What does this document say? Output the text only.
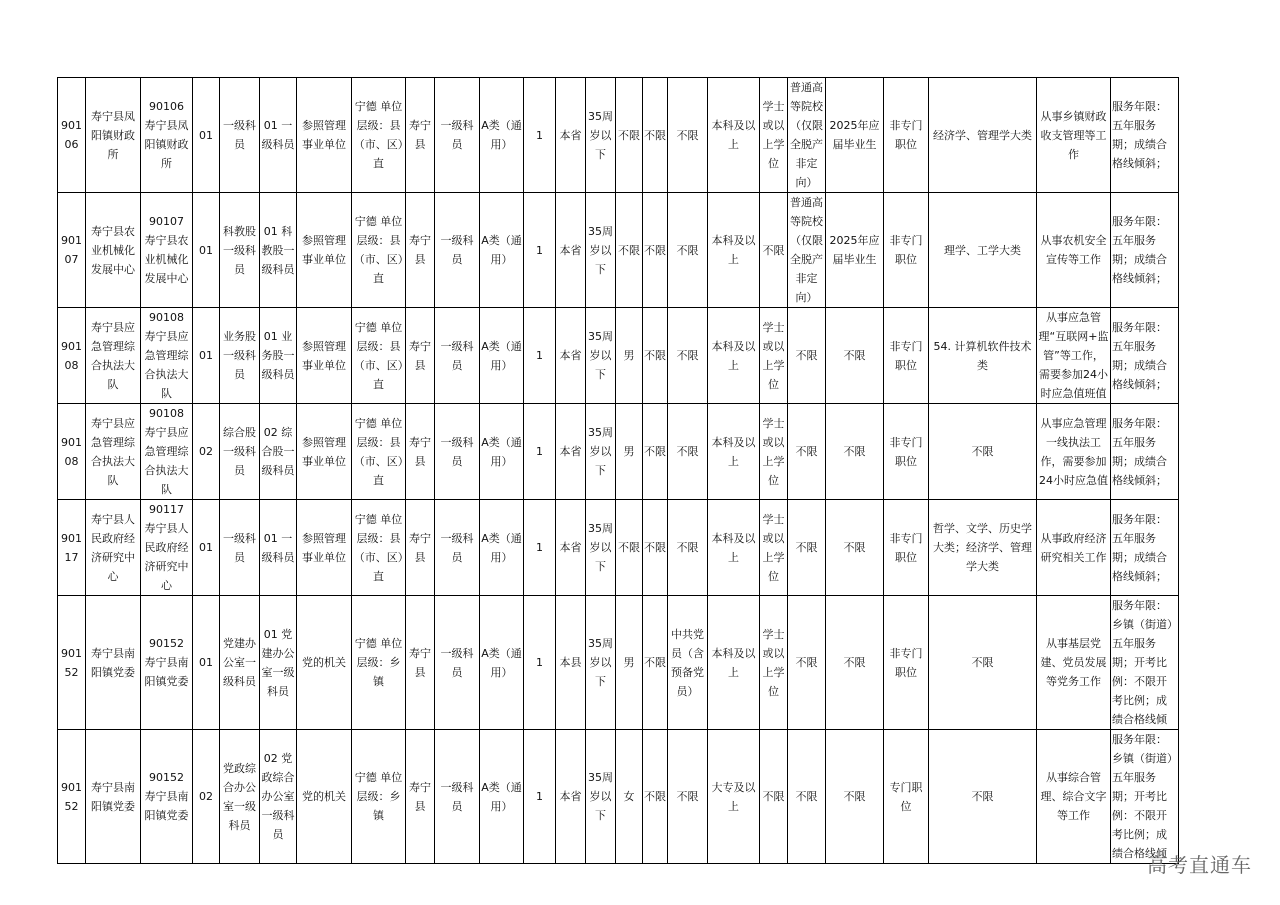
90106	寿宁县凤阳镇财政所	90106 寿宁县凤阳镇财政所	01	一级科员	01 一级科员	参照管理事业单位	宁德 单位层级：县（市、区）直	寿宁县	一级科员	A类（通用）	1	本省	35周岁以下	不限	不限	不限	本科及以上	学士或以上学位	普通高等院校（仅限全脱产非定向）	2025年应届毕业生	非专门职位	经济学、管理学大类	从事乡镇财政收支管理等工作	服务年限：五年服务期；成绩合格线倾斜；
90107	寿宁县农业机械化发展中心	90107 寿宁县农业机械化发展中心	01	科教股一级科员	01 科教股一级科员	参照管理事业单位	宁德 单位层级：县（市、区）直	寿宁县	一级科员	A类（通用）	1	本省	35周岁以下	不限	不限	不限	本科及以上	不限	普通高等院校（仅限全脱产非定向）	2025年应届毕业生	非专门职位	理学、工学大类	从事农机安全宣传等工作	服务年限：五年服务期；成绩合格线倾斜；
90108	寿宁县应急管理综合执法大队	90108 寿宁县应急管理综合执法大队	01	业务股一级科员	01 业务股一级科员	参照管理事业单位	宁德 单位层级：县（市、区）直	寿宁县	一级科员	A类（通用）	1	本省	35周岁以下	男	不限	不限	本科及以上	学士或以上学位	不限	不限	非专门职位	54. 计算机软件技术类	从事应急管理“互联网+监管”等工作，需要参加24小时应急值班值	服务年限：五年服务期；成绩合格线倾斜；
90108	寿宁县应急管理综合执法大队	90108 寿宁县应急管理综合执法大队	02	综合股一级科员	02 综合股一级科员	参照管理事业单位	宁德 单位层级：县（市、区）直	寿宁县	一级科员	A类（通用）	1	本省	35周岁以下	男	不限	不限	本科及以上	学士或以上学位	不限	不限	非专门职位	不限	从事应急管理一线执法工作，需要参加24小时应急值	服务年限：五年服务期；成绩合格线倾斜；
90117	寿宁县人民政府经济研究中心	90117 寿宁县人民政府经济研究中心	01	一级科员	01 一级科员	参照管理事业单位	宁德 单位层级：县（市、区）直	寿宁县	一级科员	A类（通用）	1	本省	35周岁以下	不限	不限	不限	本科及以上	学士或以上学位	不限	不限	非专门职位	哲学、文学、历史学大类；经济学、管理学大类	从事政府经济研究相关工作	服务年限：五年服务期；成绩合格线倾斜；
90152	寿宁县南阳镇党委	90152 寿宁县南阳镇党委	01	党建办公室一级科员	01 党建办公室一级科员	党的机关	宁德 单位层级：乡镇	寿宁县	一级科员	A类（通用）	1	本县	35周岁以下	男	不限	中共党员（含预备党员）	本科及以上	学士或以上学位	不限	不限	非专门职位	不限	从事基层党建、党员发展等党务工作	服务年限：乡镇（街道）五年服务期；开考比例：不限开考比例；成绩合格线倾
90152	寿宁县南阳镇党委	90152 寿宁县南阳镇党委	02	党政综合办公室一级科员	02 党政综合办公室一级科员	党的机关	宁德 单位层级：乡镇	寿宁县	一级科员	A类（通用）	1	本省	35周岁以下	女	不限	不限	大专及以上	不限	不限	不限	专门职位	不限	从事综合管理、综合文字等工作	服务年限：乡镇（街道）五年服务期；开考比例：不限开考比例；成绩合格线倾
高考直通车
